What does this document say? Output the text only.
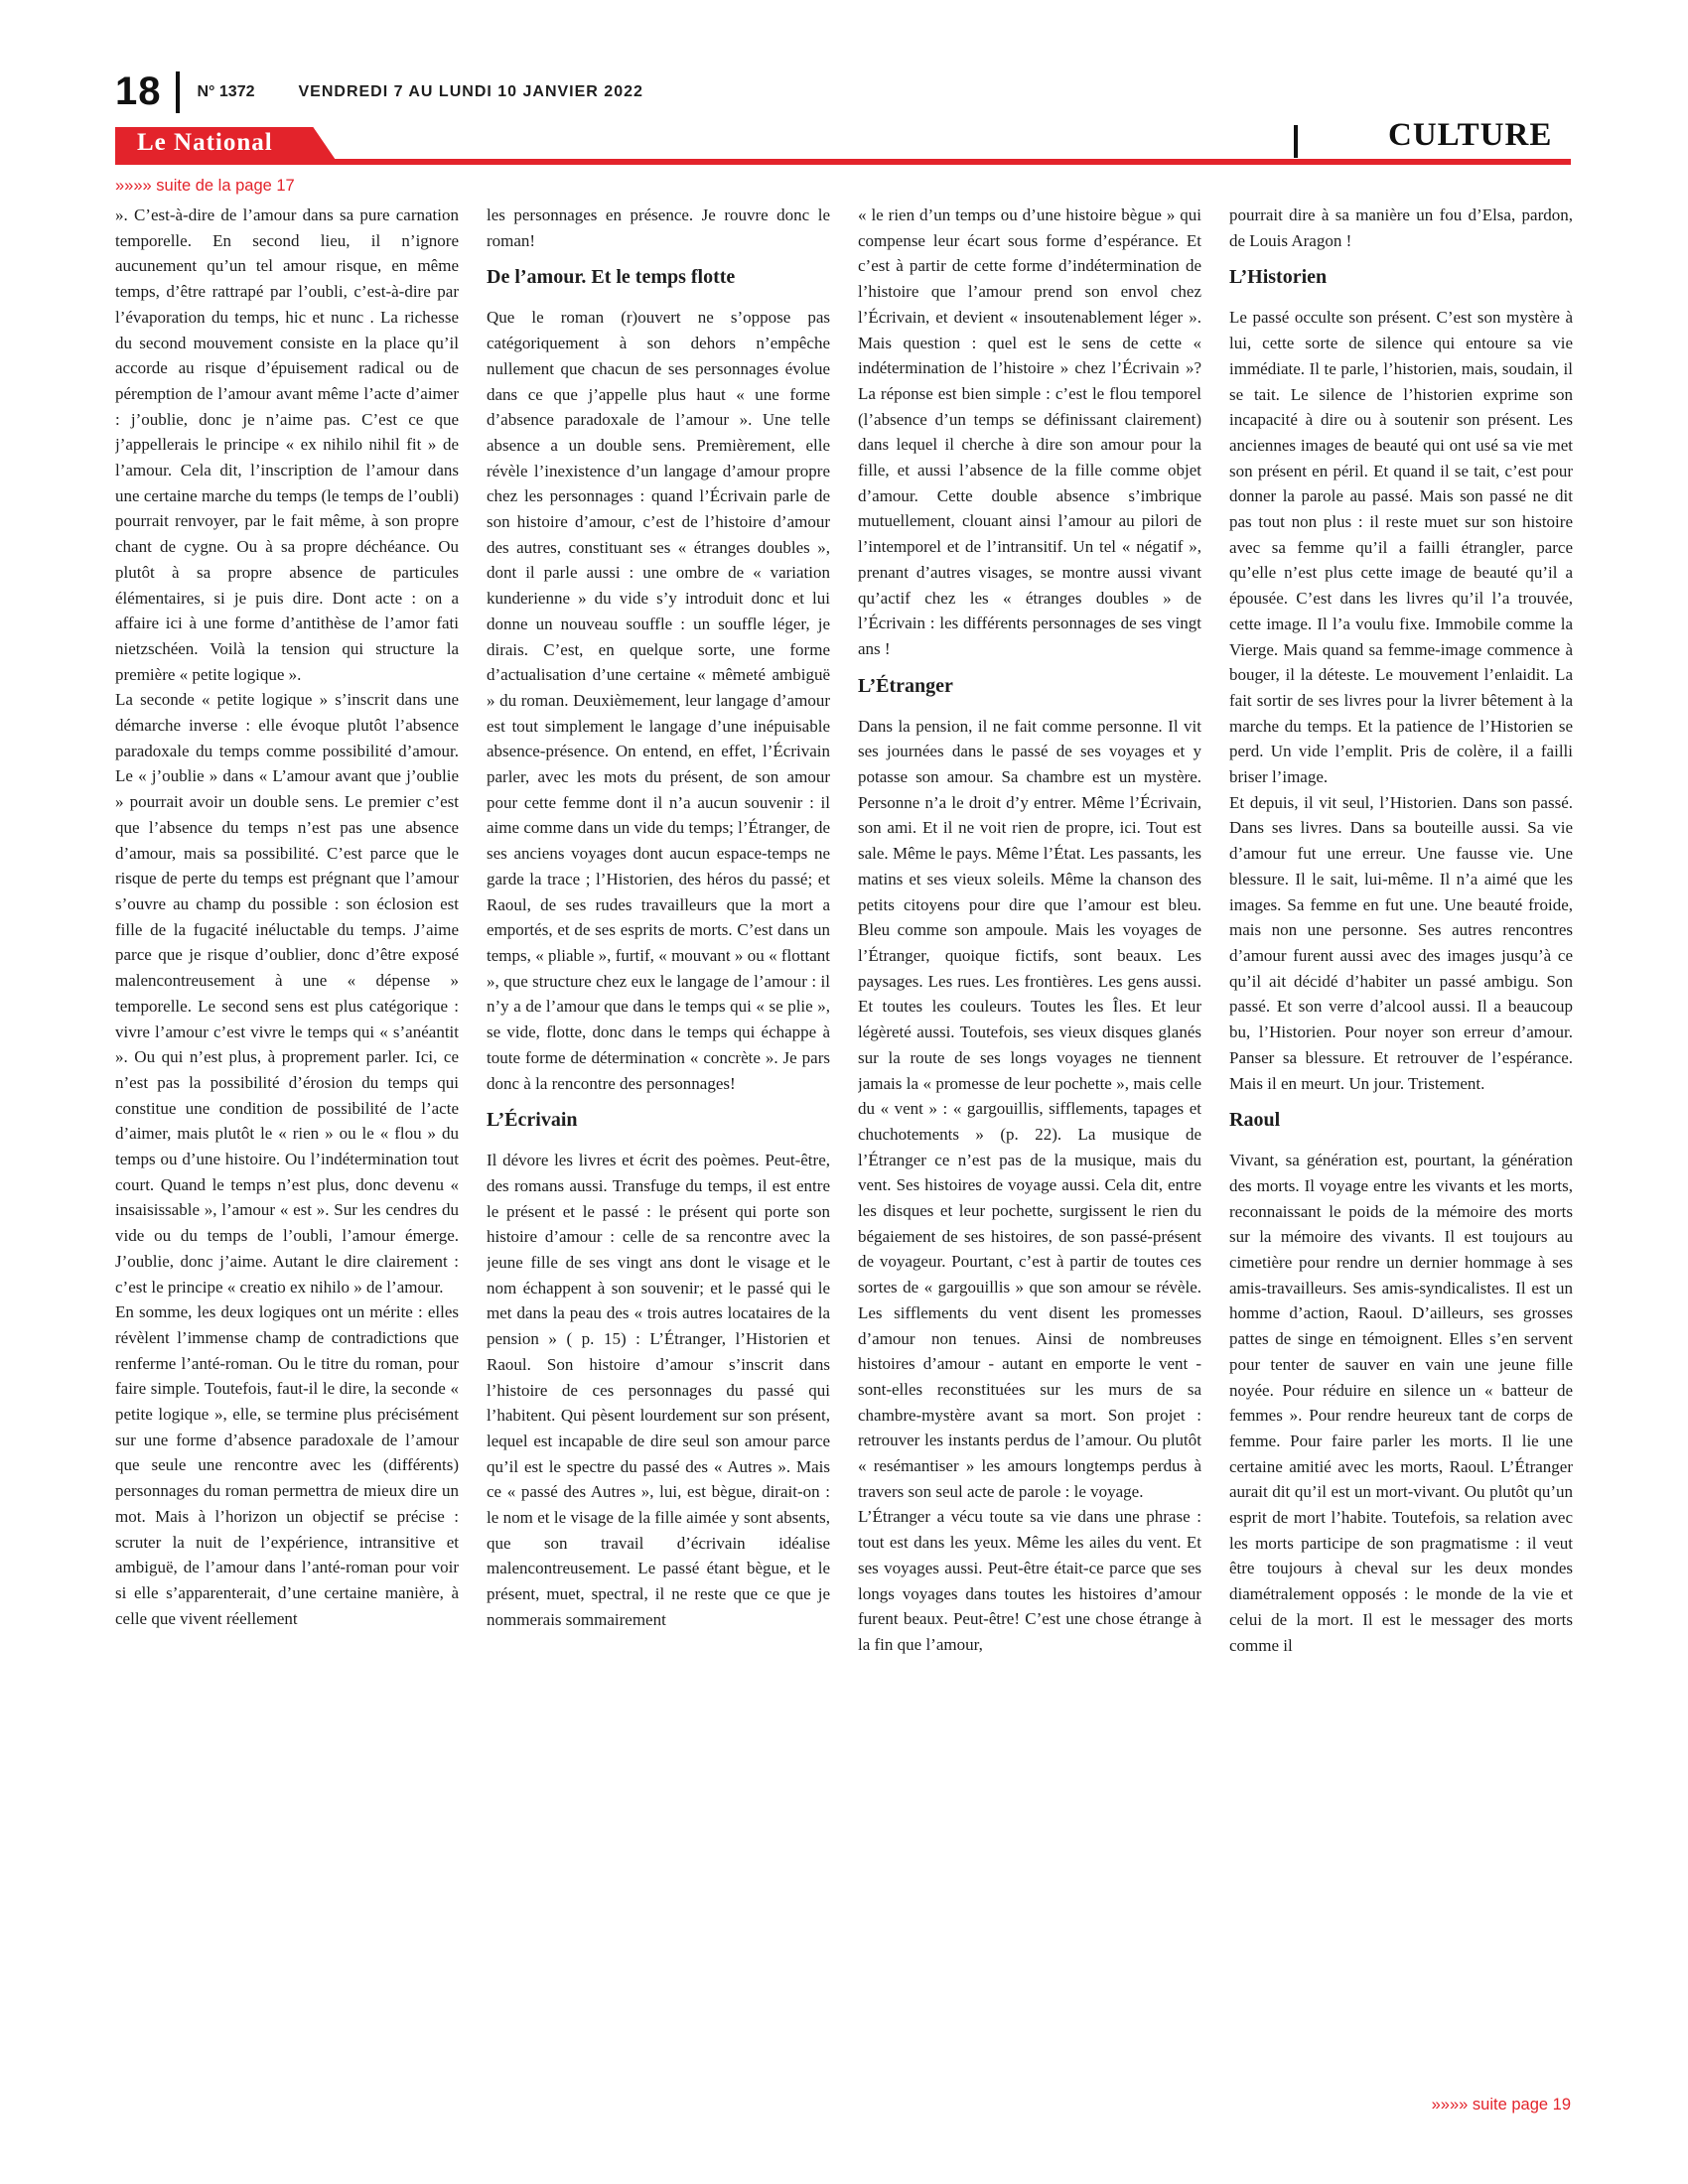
18 N° 1372	VENDREDI 7 AU LUNDI 10 JANVIER 2022
Le National	CULTURE
»»»» suite de la page 17

». C’est-à-dire de l’amour dans sa pure carnation temporelle. En second lieu, il n’ignore aucunement qu’un tel amour risque, en même temps, d’être rattrapé par l’oubli, c’est-à-dire par l’évaporation du temps, hic et nunc . La richesse du second mouvement consiste en la place qu’il accorde au risque d’épuisement radical ou de péremption de l’amour avant même l’acte d’aimer : j’oublie, donc je n’aime pas. C’est ce que j’appellerais le principe « ex nihilo nihil fit » de l’amour. Cela dit, l’inscription de l’amour dans une certaine marche du temps (le temps de l’oubli) pourrait renvoyer, par le fait même, à son propre chant de cygne. Ou à sa propre déchéance. Ou plutôt à sa propre absence de particules élémentaires, si je puis dire. Dont acte : on a affaire ici à une forme d’antithèse de l’amor fati nietzschéen. Voilà la tension qui structure la première « petite logique ».

La seconde « petite logique » s’inscrit dans une démarche inverse : elle évoque plutôt l’absence paradoxale du temps comme possibilité d’amour. Le « j’oublie » dans « L’amour avant que j’oublie » pourrait avoir un double sens. Le premier c’est que l’absence du temps n’est pas une absence d’amour, mais sa possibilité. C’est parce que le risque de perte du temps est prégnant que l’amour s’ouvre au champ du possible : son éclosion est fille de la fugacité inéluctable du temps. J’aime parce que je risque d’oublier, donc d’être exposé malencontreusement à une « dépense » temporelle. Le second sens est plus catégorique : vivre l’amour c’est vivre le temps qui « s’anéantit ». Ou qui n’est plus, à proprement parler. Ici, ce n’est pas la possibilité d’érosion du temps qui constitue une condition de possibilité de l’acte d’aimer, mais plutôt le « rien » ou le « flou » du temps ou d’une histoire. Ou l’indétermination tout court. Quand le temps n’est plus, donc devenu « insaisissable », l’amour « est ». Sur les cendres du vide ou du temps de l’oubli, l’amour émerge. J’oublie, donc j’aime. Autant le dire clairement : c’est le principe « creatio ex nihilo » de l’amour.

En somme, les deux logiques ont un mérite : elles révèlent l’immense champ de contradictions que renferme l’anté-roman. Ou le titre du roman, pour faire simple. Toutefois, faut-il le dire, la seconde « petite logique », elle, se termine plus précisément sur une forme d’absence paradoxale de l’amour que seule une rencontre avec les (différents) personnages du roman permettra de mieux dire un mot. Mais à l’horizon un objectif se précise : scruter la nuit de l’expérience, intransitive et ambiguë, de l’amour dans l’anté-roman pour voir si elle s’apparenterait, d’une certaine manière, à celle que vivent réellement

les personnages en présence. Je rouvre donc le roman!

De l’amour. Et le temps flotte

Que le roman (r)ouvert ne s’oppose pas catégoriquement à son dehors n’empêche nullement que chacun de ses personnages évolue dans ce que j’appelle plus haut « une forme d’absence paradoxale de l’amour ». Une telle absence a un double sens. Premièrement, elle révèle l’inexistence d’un langage d’amour propre chez les personnages : quand l’Écrivain parle de son histoire d’amour, c’est de l’histoire d’amour des autres, constituant ses « étranges doubles », dont il parle aussi : une ombre de « variation kunderienne » du vide s’y introduit donc et lui donne un nouveau souffle : un souffle léger, je dirais. C’est, en quelque sorte, une forme d’actualisation d’une certaine « mêmeté ambiguë » du roman. Deuxièmement, leur langage d’amour est tout simplement le langage d’une inépuisable absence-présence. On entend, en effet, l’Écrivain parler, avec les mots du présent, de son amour pour cette femme dont il n’a aucun souvenir : il aime comme dans un vide du temps; l’Étranger, de ses anciens voyages dont aucun espace-temps ne garde la trace ; l’Historien, des héros du passé; et Raoul, de ses rudes travailleurs que la mort a emportés, et de ses esprits de morts. C’est dans un temps, « pliable », furtif, « mouvant » ou « flottant », que structure chez eux le langage de l’amour : il n’y a de l’amour que dans le temps qui « se plie », se vide, flotte, donc dans le temps qui échappe à toute forme de détermination « concrète ». Je pars donc à la rencontre des personnages!

L’Écrivain

Il dévore les livres et écrit des poèmes. Peut-être, des romans aussi. Transfuge du temps, il est entre le présent et le passé : le présent qui porte son histoire d’amour : celle de sa rencontre avec la jeune fille de ses vingt ans dont le visage et le nom échappent à son souvenir; et le passé qui le met dans la peau des « trois autres locataires de la pension » ( p. 15) : L’Étranger, l’Historien et Raoul. Son histoire d’amour s’inscrit dans l’histoire de ces personnages du passé qui l’habitent. Qui pèsent lourdement sur son présent, lequel est incapable de dire seul son amour parce qu’il est le spectre du passé des « Autres ». Mais ce « passé des Autres », lui, est bègue, dirait-on : le nom et le visage de la fille aimée y sont absents, que son travail d’écrivain idéalise malencontreusement. Le passé étant bègue, et le présent, muet, spectral, il ne reste que ce que je nommerais sommairement

« le rien d’un temps ou d’une histoire bègue » qui compense leur écart sous forme d’espérance. Et c’est à partir de cette forme d’indétermination de l’histoire que l’amour prend son envol chez l’Écrivain, et devient « insoutenablement léger ». Mais question : quel est le sens de cette « indétermination de l’histoire » chez l’Écrivain »? La réponse est bien simple : c’est le flou temporel (l’absence d’un temps se définissant clairement) dans lequel il cherche à dire son amour pour la fille, et aussi l’absence de la fille comme objet d’amour. Cette double absence s’imbrique mutuellement, clouant ainsi l’amour au pilori de l’intemporel et de l’intransitif. Un tel « négatif », prenant d’autres visages, se montre aussi vivant qu’actif chez les « étranges doubles » de l’Écrivain : les différents personnages de ses vingt ans !

L’Étranger

Dans la pension, il ne fait comme personne. Il vit ses journées dans le passé de ses voyages et y potasse son amour. Sa chambre est un mystère. Personne n’a le droit d’y entrer. Même l’Écrivain, son ami. Et il ne voit rien de propre, ici. Tout est sale. Même le pays. Même l’État. Les passants, les matins et ses vieux soleils. Même la chanson des petits citoyens pour dire que l’amour est bleu. Bleu comme son ampoule. Mais les voyages de l’Étranger, quoique fictifs, sont beaux. Les paysages. Les rues. Les frontières. Les gens aussi. Et toutes les couleurs. Toutes les Îles. Et leur légèreté aussi. Toutefois, ses vieux disques glanés sur la route de ses longs voyages ne tiennent jamais la « promesse de leur pochette », mais celle du « vent » : « gargouillis, sifflements, tapages et chuchotements » (p. 22). La musique de l’Étranger ce n’est pas de la musique, mais du vent. Ses histoires de voyage aussi. Cela dit, entre les disques et leur pochette, surgissent le rien du bégaiement de ses histoires, de son passé-présent de voyageur. Pourtant, c’est à partir de toutes ces sortes de « gargouillis » que son amour se révèle. Les sifflements du vent disent les promesses d’amour non tenues. Ainsi de nombreuses histoires d’amour - autant en emporte le vent - sont-elles reconstituées sur les murs de sa chambre-mystère avant sa mort. Son projet : retrouver les instants perdus de l’amour. Ou plutôt « resémantiser » les amours longtemps perdus à travers son seul acte de parole : le voyage.

L’Étranger a vécu toute sa vie dans une phrase : tout est dans les yeux. Même les ailes du vent. Et ses voyages aussi. Peut-être était-ce parce que ses longs voyages dans toutes les histoires d’amour furent beaux. Peut-être! C’est une chose étrange à la fin que l’amour,

pourrait dire à sa manière un fou d’Elsa, pardon, de Louis Aragon !

L’Historien

Le passé occulte son présent. C’est son mystère à lui, cette sorte de silence qui entoure sa vie immédiate. Il te parle, l’historien, mais, soudain, il se tait. Le silence de l’historien exprime son incapacité à dire ou à soutenir son présent. Les anciennes images de beauté qui ont usé sa vie met son présent en péril. Et quand il se tait, c’est pour donner la parole au passé. Mais son passé ne dit pas tout non plus : il reste muet sur son histoire avec sa femme qu’il a failli étrangler, parce qu’elle n’est plus cette image de beauté qu’il a épousée. C’est dans les livres qu’il l’a trouvée, cette image. Il l’a voulu fixe. Immobile comme la Vierge. Mais quand sa femme-image commence à bouger, il la déteste. Le mouvement l’enlaidit. La fait sortir de ses livres pour la livrer bêtement à la marche du temps. Et la patience de l’Historien se perd. Un vide l’emplit. Pris de colère, il a failli briser l’image.

Et depuis, il vit seul, l’Historien. Dans son passé. Dans ses livres. Dans sa bouteille aussi. Sa vie d’amour fut une erreur. Une fausse vie. Une blessure. Il le sait, lui-même. Il n’a aimé que les images. Sa femme en fut une. Une beauté froide, mais non une personne. Ses autres rencontres d’amour furent aussi avec des images jusqu’à ce qu’il ait décidé d’habiter un passé ambigu. Son passé. Et son verre d’alcool aussi. Il a beaucoup bu, l’Historien. Pour noyer son erreur d’amour. Panser sa blessure. Et retrouver de l’espérance. Mais il en meurt. Un jour. Tristement.

Raoul

Vivant, sa génération est, pourtant, la génération des morts. Il voyage entre les vivants et les morts, reconnaissant le poids de la mémoire des morts sur la mémoire des vivants. Il est toujours au cimetière pour rendre un dernier hommage à ses amis-travailleurs. Ses amis-syndicalistes. Il est un homme d’action, Raoul. D’ailleurs, ses grosses pattes de singe en témoignent. Elles s’en servent pour tenter de sauver en vain une jeune fille noyée. Pour réduire en silence un « batteur de femmes ». Pour rendre heureux tant de corps de femme. Pour faire parler les morts. Il lie une certaine amitié avec les morts, Raoul. L’Étranger aurait dit qu’il est un mort-vivant. Ou plutôt qu’un esprit de mort l’habite. Toutefois, sa relation avec les morts participe de son pragmatisme : il veut être toujours à cheval sur les deux mondes diamétralement opposés : le monde de la vie et celui de la mort. Il est le messager des morts comme il

»»»» suite page 19
